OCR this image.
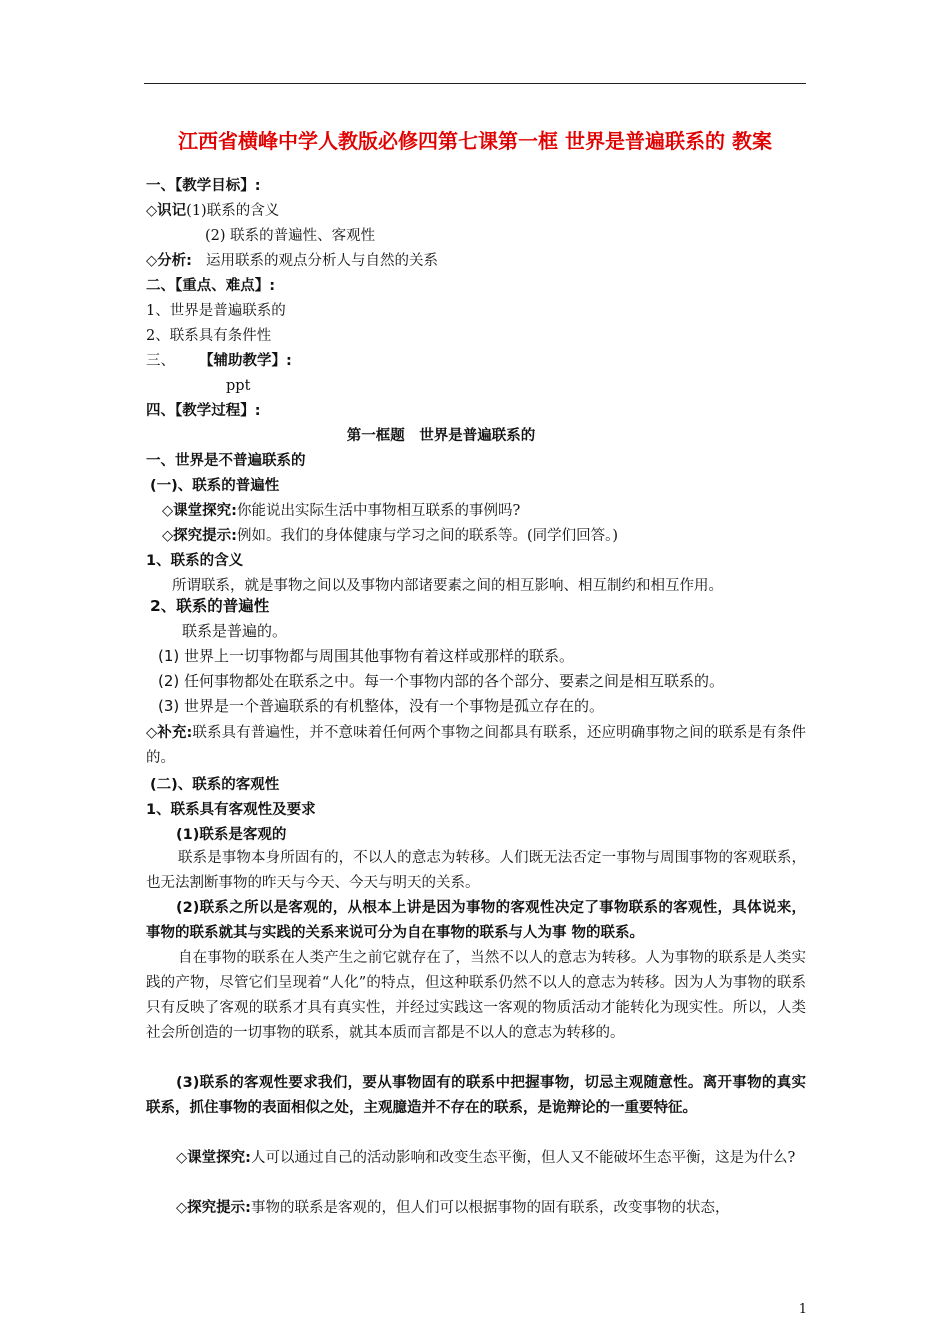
江西省横峰中学人教版必修四第七课第一框 世界是普遍联系的 教案
一、【教学目标】:
◇识记(1)联系的含义
(2) 联系的普遍性、客观性
◇分析: 运用联系的观点分析人与自然的关系
二、【重点、难点】:
1、世界是普遍联系的
2、联系具有条件性
三、 【辅助教学】:
ppt
四、【教学过程】:
第一框题　世界是普遍联系的
一、世界是不普遍联系的
(一)、联系的普遍性
◇课堂探究:你能说出实际生活中事物相互联系的事例吗?
◇探究提示:例如。我们的身体健康与学习之间的联系等。(同学们回答。)
1、联系的含义
所谓联系，就是事物之间以及事物内部诸要素之间的相互影响、相互制约和相互作用。
2、联系的普遍性
联系是普遍的。
(1) 世界上一切事物都与周围其他事物有着这样或那样的联系。
(2) 任何事物都处在联系之中。每一个事物内部的各个部分、要素之间是相互联系的。
(3) 世界是一个普遍联系的有机整体，没有一个事物是孤立存在的。
◇补充:联系具有普遍性，并不意味着任何两个事物之间都具有联系，还应明确事物之间的联系是有条件的。
(二)、联系的客观性
1、联系具有客观性及要求
(1)联系是客观的
联系是事物本身所固有的，不以人的意志为转移。人们既无法否定一事物与周围事物的客观联系，也无法割断事物的昨天与今天、今天与明天的关系。
(2)联系之所以是客观的，从根本上讲是因为事物的客观性决定了事物联系的客观性，具体说来，事物的联系就其与实践的关系来说可分为自在事物的联系与人为事 物的联系。
自在事物的联系在人类产生之前它就存在了，当然不以人的意志为转移。人为事物的联系是人类实践的产物，尽管它们呈现着“人化”的特点，但这种联系仍然不以人的意志为转移。因为人为事物的联系只有反映了客观的联系才具有真实性，并经过实践这一客观的物质活动才能转化为现实性。所以，人类社会所创造的一切事物的联系，就其本质而言都是不以人的意志为转移的。
(3)联系的客观性要求我们，要从事物固有的联系中把握事物，切忌主观随意性。离开事物的真实联系，抓住事物的表面相似之处，主观臆造并不存在的联系，是诡辩论的一重要特征。
◇课堂探究:人可以通过自己的活动影响和改变生态平衡，但人又不能破坏生态平衡，这是为什么?
◇探究提示:事物的联系是客观的，但人们可以根据事物的固有联系，改变事物的状态，
1
